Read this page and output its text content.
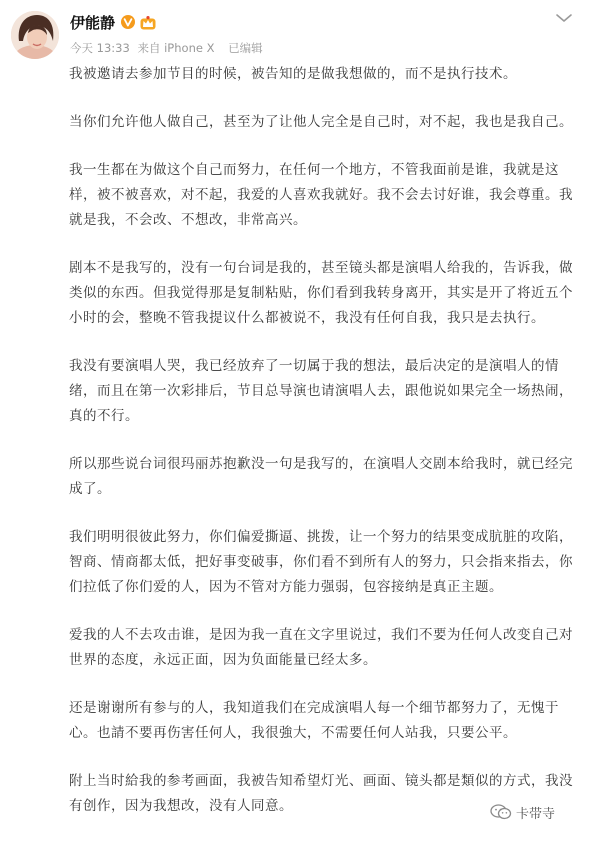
伊能静
今天 13:33 来自 iPhone X 已编辑

我被邀请去参加节目的时候，被告知的是做我想做的，而不是执行技术。

当你们允许他人做自己，甚至为了让他人完全是自己时，对不起，我也是我自己。

我一生都在为做这个自己而努力，在任何一个地方，不管我面前是谁，我就是这样，被不被喜欢，对不起，我爱的人喜欢我就好。我不会去讨好谁，我会尊重。我就是我，不会改、不想改，非常高兴。

剧本不是我写的，没有一句台词是我的，甚至镜头都是演唱人给我的，告诉我，做类似的东西。但我觉得那是复制粘贴，你们看到我转身离开，其实是开了将近五个小时的会，整晚不管我提议什么都被说不，我没有任何自我，我只是去执行。

我没有要演唱人哭，我已经放弃了一切属于我的想法，最后决定的是演唱人的情绪，而且在第一次彩排后，节目总导演也请演唱人去，跟他说如果完全一场热闹，真的不行。

所以那些说台词很玛丽苏抱歉没一句是我写的，在演唱人交剧本给我时，就已经完成了。

我们明明很彼此努力，你们偏爱撕逼、挑拨，让一个努力的结果变成肮脏的攻陷，智商、情商都太低，把好事变破事，你们看不到所有人的努力，只会指来指去，你们拉低了你们爱的人，因为不管对方能力强弱，包容接纳是真正主题。

爱我的人不去攻击谁，是因为我一直在文字里说过，我们不要为任何人改变自己对世界的态度，永远正面，因为负面能量已经太多。

还是谢谢所有参与的人，我知道我们在完成演唱人每一个细节都努力了，无愧于心。也請不要再伤害任何人，我很強大，不需要任何人站我，只要公平。

附上当时給我的参考画面，我被告知希望灯光、画面、镜头都是類似的方式，我没有创作，因为我想改，没有人同意。	卡带寺
